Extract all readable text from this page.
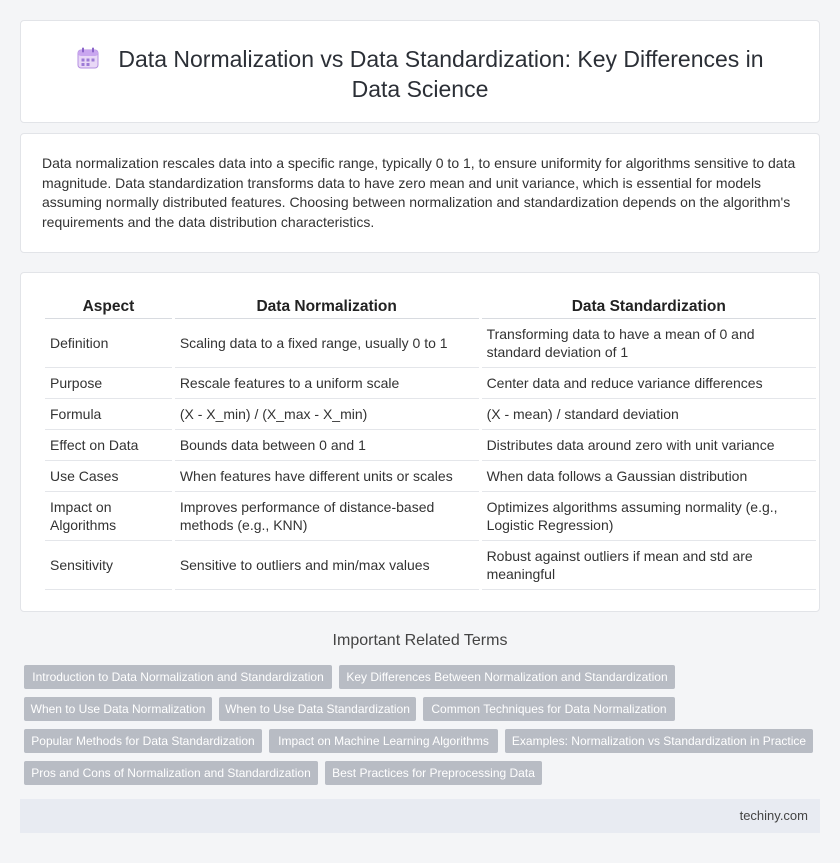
Data Normalization vs Data Standardization: Key Differences in Data Science

Data normalization rescales data into a specific range, typically 0 to 1, to ensure uniformity for algorithms sensitive to data magnitude. Data standardization transforms data to have zero mean and unit variance, which is essential for models assuming normally distributed features. Choosing between normalization and standardization depends on the algorithm's requirements and the data distribution characteristics.

Aspect	Data Normalization	Data Standardization
Definition	Scaling data to a fixed range, usually 0 to 1	Transforming data to have a mean of 0 and standard deviation of 1
Purpose	Rescale features to a uniform scale	Center data and reduce variance differences
Formula	(X - X_min) / (X_max - X_min)	(X - mean) / standard deviation
Effect on Data	Bounds data between 0 and 1	Distributes data around zero with unit variance
Use Cases	When features have different units or scales	When data follows a Gaussian distribution
Impact on Algorithms	Improves performance of distance-based methods (e.g., KNN)	Optimizes algorithms assuming normality (e.g., Logistic Regression)
Sensitivity	Sensitive to outliers and min/max values	Robust against outliers if mean and std are meaningful
Important Related Terms
Introduction to Data Normalization and Standardization	Key Differences Between Normalization and Standardization
When to Use Data Normalization	When to Use Data Standardization	Common Techniques for Data Normalization
Popular Methods for Data Standardization	Impact on Machine Learning Algorithms	Examples: Normalization vs Standardization in Practice
Pros and Cons of Normalization and Standardization	Best Practices for Preprocessing Data
techiny.com
